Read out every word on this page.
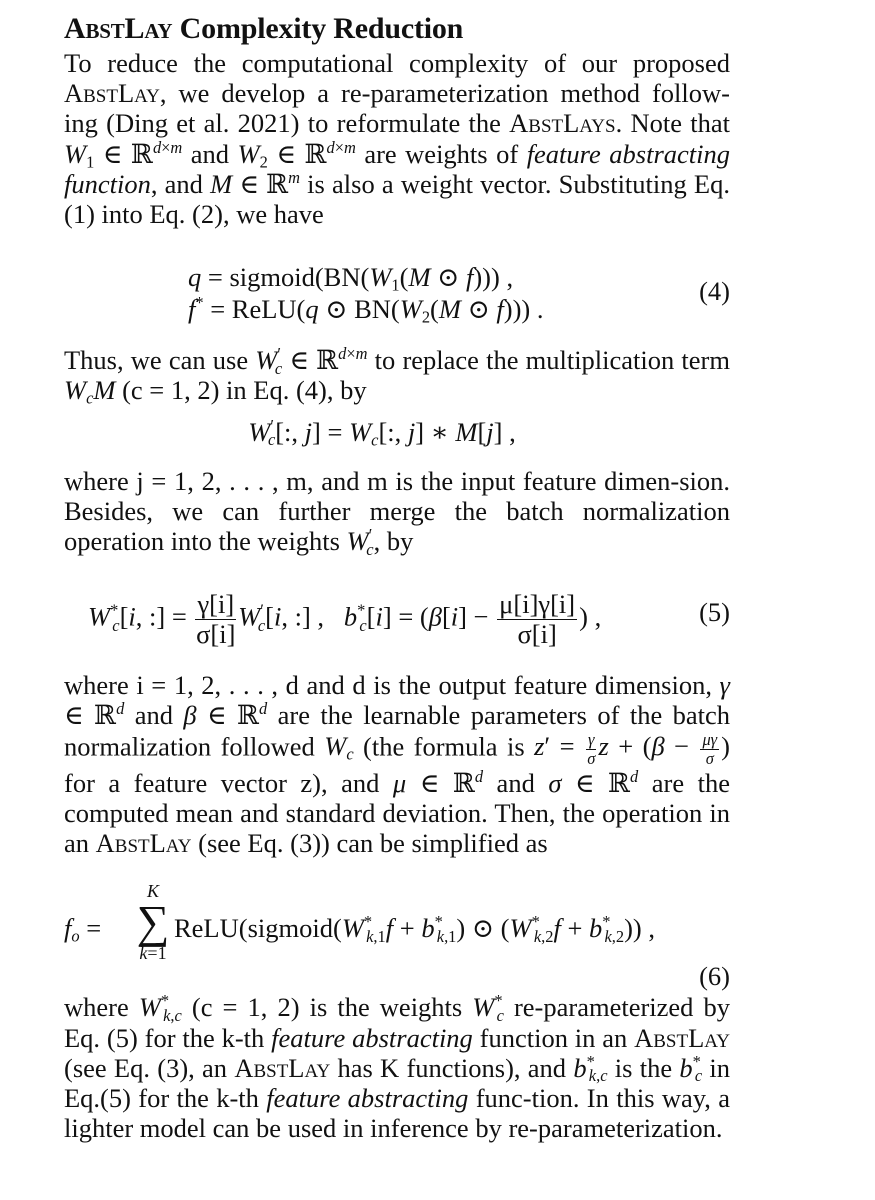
AbstLay Complexity Reduction

To reduce the computational complexity of our proposed AbstLay, we develop a re-parameterization method follow-ing (Ding et al. 2021) to reformulate the AbstLays. Note that $W_1$ ∈ ℝ$^{d\times m}$ and $W_2$ ∈ ℝ$^{d\times m}$ are weights of feature abstracting function, and M ∈ ℝ$^m$ is also a weight vector. Substituting Eq. (1) into Eq. (2), we have

$q = sigmoid(BN(W_1(M$ ⊙ f))) ,
f* = ReLU(q ⊙ $BN(W_2(M$ ⊙ f))) .
(4)

Thus, we can use $W'_c$ ∈ ℝ$^{d\times m}$ to replace the multiplication term $W_cM$ (c = 1, 2) in Eq. (4), by

$W'_c$[:, $j] = W_c$[:, j] ∗ M[j] ,

where j = 1, 2, . . . , m, and m is the input feature dimen-sion. Besides, we can further merge the batch normalization operation into the weights $W'_c$, by

$W^*_c[i$, :] = $\frac{\gamma[i]}{\sigma[i]} W'_c[i$, :] ,   $b^*_c[i] = (\beta[i] - \frac{\mu[i]\gamma[i]}{\sigma[i]}$ ) ,	(5)

where i = 1, 2, . . . , d and d is the output feature dimension, γ ∈ ℝ$^d$ and β ∈ ℝ$^d$ are the learnable parameters of the batch normalization followed $W_c$ (the formula is $z' = \frac{\gamma}{\sigma}$ $z + (\beta - \frac{\mu\gamma}{\sigma}$ ) for a feature vector z), and μ ∈ ℝ$^d$ and σ ∈ ℝ$^d$ are the computed mean and standard deviation. Then, the operation in an AbstLay (see Eq. (3)) can be simplified as

$f_o$ =
K
∑
k=1
$ReLU(sigmoid(W^*_{k,1}f + b^*_{k,1})$ ⊙ $(W^*_{k,2}f + b^*_{k,2})$) ,
(6)

where $W^*_{k,c}$ (c = 1, 2) is the weights $W^*_c$ re-parameterized by Eq. (5) for the k-th feature abstracting function in an AbstLay (see Eq. (3), an AbstLay has K functions), and $b^*_{k,c}$ is the $b^*_c$ in Eq.(5) for the k-th feature abstracting func-tion. In this way, a lighter model can be used in inference by re-parameterization.
